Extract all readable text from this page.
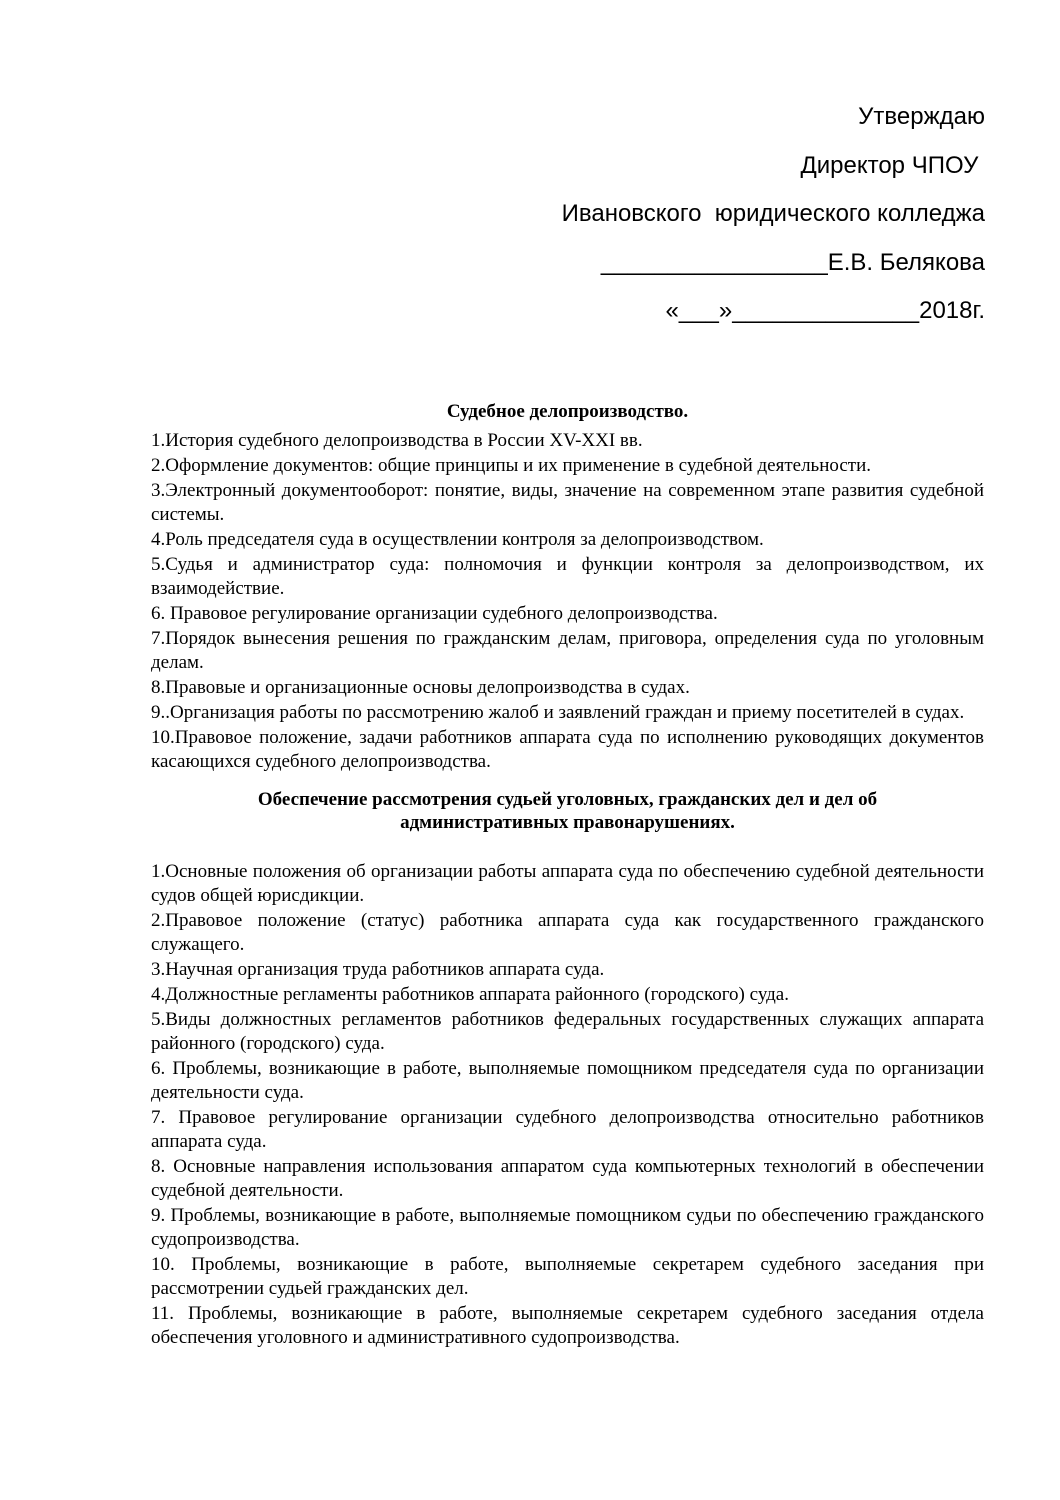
Утверждаю
Директор ЧПОУ
Ивановского  юридического колледжа
_________________Е.В. Белякова
«___»______________2018г.
Судебное делопроизводство.
1.История судебного делопроизводства в России XV-XXI вв.
2.Оформление документов: общие принципы и их применение в судебной деятельности.
3.Электронный документооборот: понятие, виды, значение на современном этапе развития судебной системы.
4.Роль председателя суда в осуществлении контроля за делопроизводством.
5.Судья и администратор суда: полномочия и функции контроля за делопроизводством, их взаимодействие.
6. Правовое регулирование организации судебного делопроизводства.
7.Порядок вынесения решения по гражданским делам, приговора, определения суда по уголовным делам.
8.Правовые и организационные основы делопроизводства в судах.
9..Организация работы по рассмотрению жалоб и заявлений граждан и приему посетителей в судах.
10.Правовое положение, задачи работников аппарата суда по исполнению руководящих документов касающихся судебного делопроизводства.
Обеспечение рассмотрения судьей уголовных, гражданских дел и дел об
административных правонарушениях.
1.Основные положения об организации работы аппарата суда по обеспечению судебной деятельности судов общей юрисдикции.
2.Правовое положение (статус) работника аппарата суда как государственного гражданского служащего.
3.Научная организация труда работников аппарата суда.
4.Должностные регламенты работников аппарата районного (городского) суда.
5.Виды должностных регламентов работников федеральных государственных служащих аппарата районного (городского) суда.
6. Проблемы, возникающие в работе, выполняемые помощником председателя суда по организации деятельности суда.
7. Правовое регулирование организации судебного делопроизводства относительно работников аппарата суда.
8. Основные направления использования аппаратом суда компьютерных технологий в обеспечении судебной деятельности.
9. Проблемы, возникающие в работе, выполняемые помощником судьи по обеспечению гражданского судопроизводства.
10. Проблемы, возникающие в работе, выполняемые секретарем судебного заседания при рассмотрении судьей гражданских дел.
11. Проблемы, возникающие в работе, выполняемые секретарем судебного заседания отдела обеспечения уголовного и административного судопроизводства.
